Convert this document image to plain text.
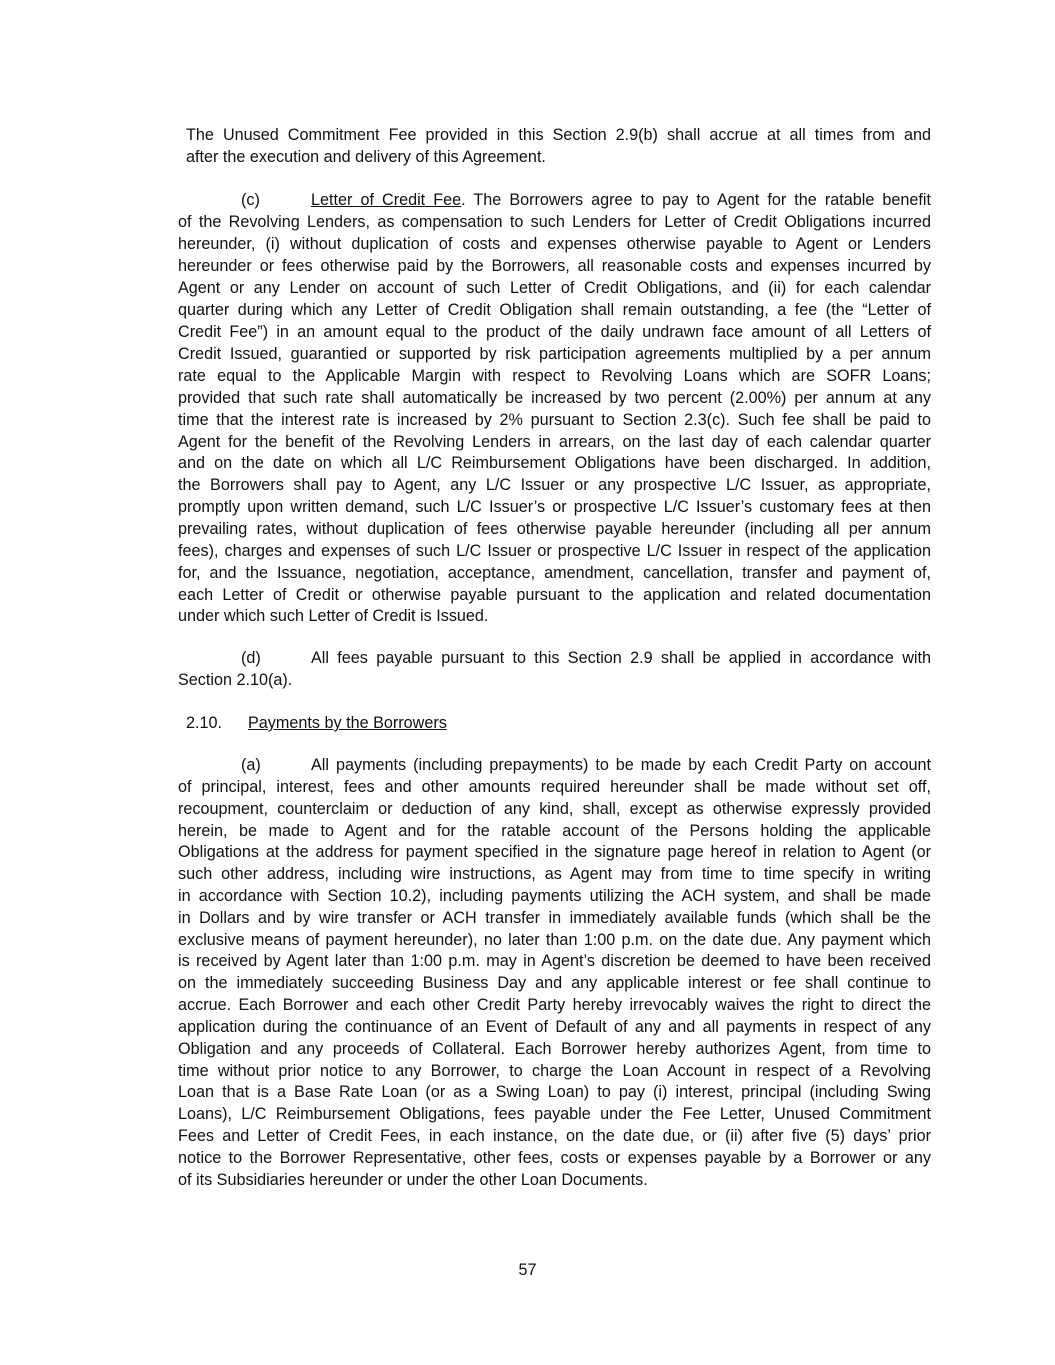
The Unused Commitment Fee provided in this Section 2.9(b) shall accrue at all times from and
after the execution and delivery of this Agreement.
(c)	Letter of Credit Fee. The Borrowers agree to pay to Agent for the ratable benefit
of the Revolving Lenders, as compensation to such Lenders for Letter of Credit Obligations incurred
hereunder, (i) without duplication of costs and expenses otherwise payable to Agent or Lenders
hereunder or fees otherwise paid by the Borrowers, all reasonable costs and expenses incurred by
Agent or any Lender on account of such Letter of Credit Obligations, and (ii) for each calendar
quarter during which any Letter of Credit Obligation shall remain outstanding, a fee (the “Letter of
Credit Fee”) in an amount equal to the product of the daily undrawn face amount of all Letters of
Credit Issued, guarantied or supported by risk participation agreements multiplied by a per annum
rate equal to the Applicable Margin with respect to Revolving Loans which are SOFR Loans;
provided that such rate shall automatically be increased by two percent (2.00%) per annum at any
time that the interest rate is increased by 2% pursuant to Section 2.3(c). Such fee shall be paid to
Agent for the benefit of the Revolving Lenders in arrears, on the last day of each calendar quarter
and on the date on which all L/C Reimbursement Obligations have been discharged. In addition,
the Borrowers shall pay to Agent, any L/C Issuer or any prospective L/C Issuer, as appropriate,
promptly upon written demand, such L/C Issuer’s or prospective L/C Issuer’s customary fees at then
prevailing rates, without duplication of fees otherwise payable hereunder (including all per annum
fees), charges and expenses of such L/C Issuer or prospective L/C Issuer in respect of the application
for, and the Issuance, negotiation, acceptance, amendment, cancellation, transfer and payment of,
each Letter of Credit or otherwise payable pursuant to the application and related documentation
under which such Letter of Credit is Issued.
(d)	All fees payable pursuant to this Section 2.9 shall be applied in accordance with
Section 2.10(a).
2.10. Payments by the Borrowers
(a)	All payments (including prepayments) to be made by each Credit Party on account
of principal, interest, fees and other amounts required hereunder shall be made without set off,
recoupment, counterclaim or deduction of any kind, shall, except as otherwise expressly provided
herein, be made to Agent and for the ratable account of the Persons holding the applicable
Obligations at the address for payment specified in the signature page hereof in relation to Agent (or
such other address, including wire instructions, as Agent may from time to time specify in writing
in accordance with Section 10.2), including payments utilizing the ACH system, and shall be made
in Dollars and by wire transfer or ACH transfer in immediately available funds (which shall be the
exclusive means of payment hereunder), no later than 1:00 p.m. on the date due. Any payment which
is received by Agent later than 1:00 p.m. may in Agent’s discretion be deemed to have been received
on the immediately succeeding Business Day and any applicable interest or fee shall continue to
accrue. Each Borrower and each other Credit Party hereby irrevocably waives the right to direct the
application during the continuance of an Event of Default of any and all payments in respect of any
Obligation and any proceeds of Collateral. Each Borrower hereby authorizes Agent, from time to
time without prior notice to any Borrower, to charge the Loan Account in respect of a Revolving
Loan that is a Base Rate Loan (or as a Swing Loan) to pay (i) interest, principal (including Swing
Loans), L/C Reimbursement Obligations, fees payable under the Fee Letter, Unused Commitment
Fees and Letter of Credit Fees, in each instance, on the date due, or (ii) after five (5) days’ prior
notice to the Borrower Representative, other fees, costs or expenses payable by a Borrower or any
of its Subsidiaries hereunder or under the other Loan Documents.
57
